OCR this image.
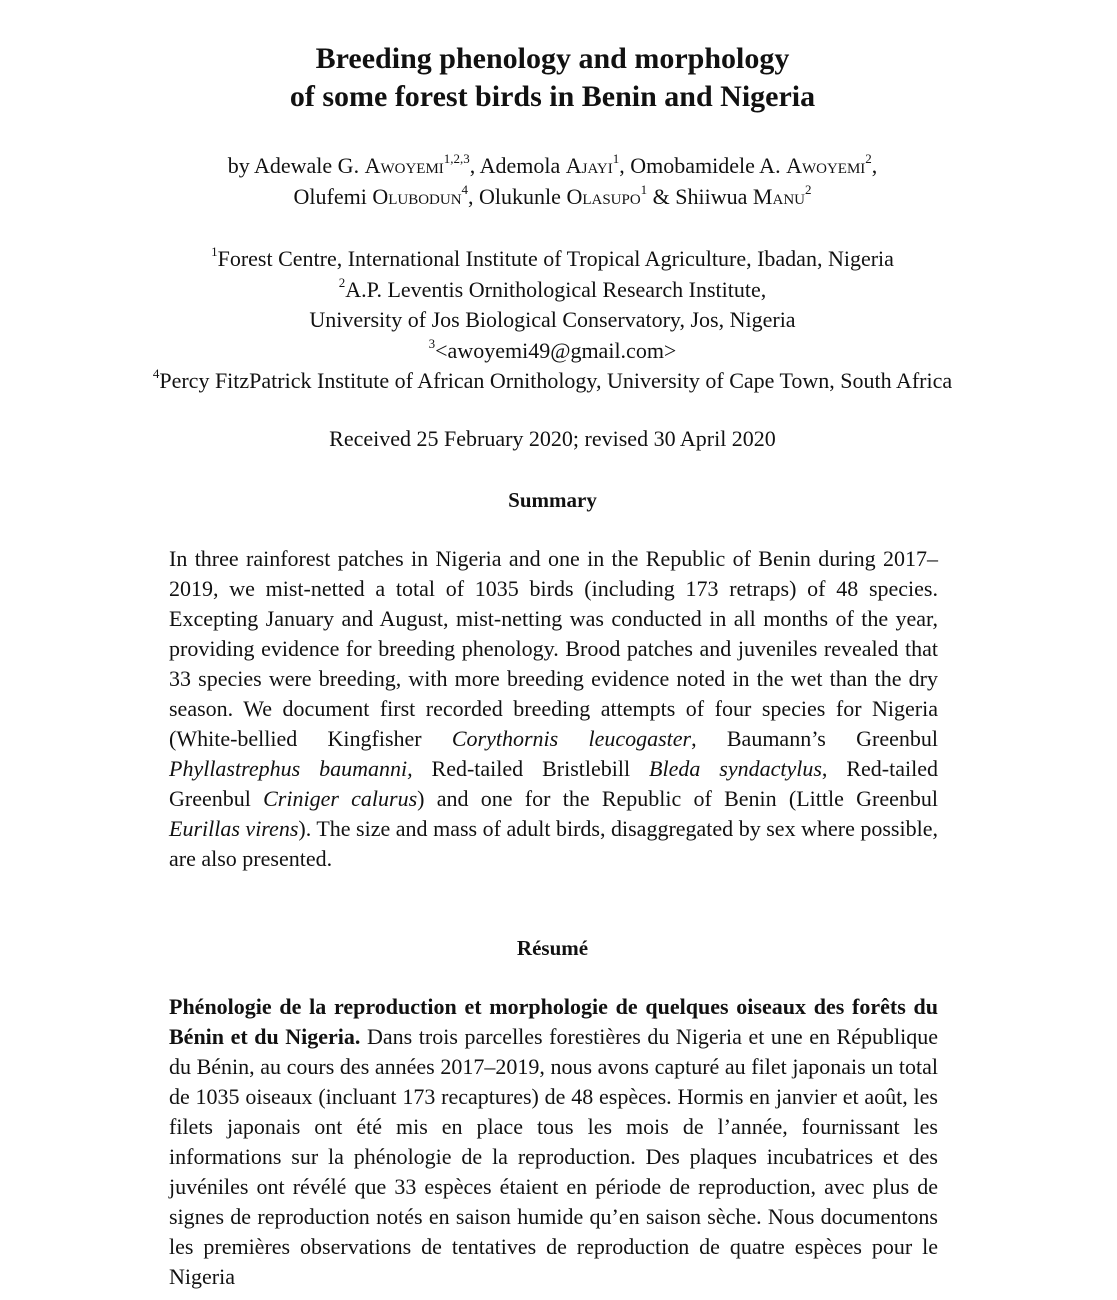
Breeding phenology and morphology
of some forest birds in Benin and Nigeria
by Adewale G. Awoyemi$^{1,2,3}$, Ademola Ajayi$^1$, Omobamidele A. Awoyemi$^2$,
Olufemi Olubodun$^4$, Olukunle Olasupo$^1$ & Shiiwua Manu$^2$
$^1$Forest Centre, International Institute of Tropical Agriculture, Ibadan, Nigeria
$^2$A.P. Leventis Ornithological Research Institute,
University of Jos Biological Conservatory, Jos, Nigeria
$^3$<awoyemi49@gmail.com>
$^4$Percy FitzPatrick Institute of African Ornithology, University of Cape Town, South Africa
Received 25 February 2020; revised 30 April 2020
Summary

In three rainforest patches in Nigeria and one in the Republic of Benin during 2017–2019, we mist-netted a total of 1035 birds (including 173 retraps) of 48 species. Excepting January and August, mist-netting was conducted in all months of the year, providing evidence for breeding phenology. Brood patches and juveniles revealed that 33 species were breeding, with more breeding evidence noted in the wet than the dry season. We document first recorded breeding attempts of four species for Nigeria (White-bellied Kingfisher Corythornis leucogaster, Baumann’s Greenbul Phyllastrephus baumanni, Red-tailed Bristlebill Bleda syndactylus, Red-tailed Greenbul Criniger calurus) and one for the Republic of Benin (Little Greenbul Eurillas virens). The size and mass of adult birds, disaggregated by sex where possible, are also presented.

Résumé

Phénologie de la reproduction et morphologie de quelques oiseaux des forêts du Bénin et du Nigeria. Dans trois parcelles forestières du Nigeria et une en République du Bénin, au cours des années 2017–2019, nous avons capturé au filet japonais un total de 1035 oiseaux (incluant 173 recaptures) de 48 espèces. Hormis en janvier et août, les filets japonais ont été mis en place tous les mois de l’année, fournissant les informations sur la phénologie de la reproduction. Des plaques incubatrices et des juvéniles ont révélé que 33 espèces étaient en période de reproduction, avec plus de signes de reproduction notés en saison humide qu’en saison sèche. Nous documentons les premières observations de tentatives de reproduction de quatre espèces pour le Nigeria
